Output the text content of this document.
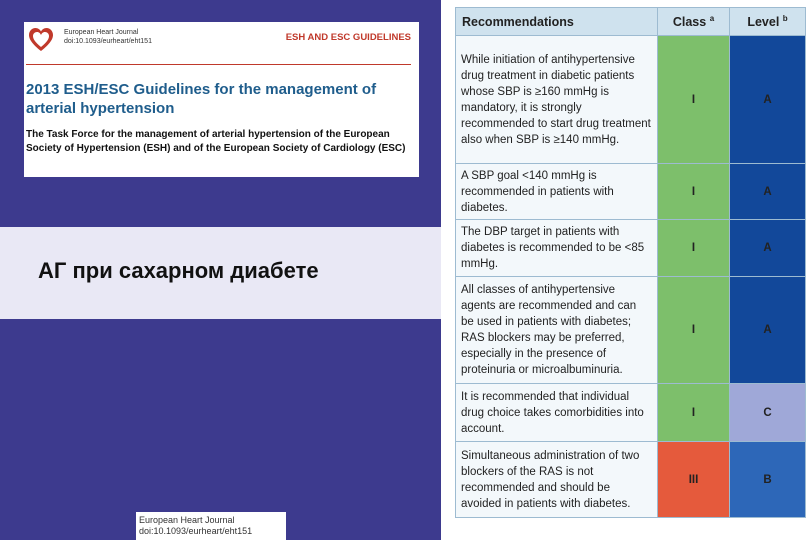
European Heart Journal
doi:10.1093/eurheart/eht151	ESH AND ESC GUIDELINES
2013 ESH/ESC Guidelines for the management of arterial hypertension
The Task Force for the management of arterial hypertension of the European Society of Hypertension (ESH) and of the European Society of Cardiology (ESC)
АГ при сахарном диабете
European Heart Journal
doi:10.1093/eurheart/eht151
Recommendations	Class $^a$	Level $^b$
While initiation of antihypertensive drug treatment in diabetic patients whose SBP is ≥160 mmHg is mandatory, it is strongly recommended to start drug treatment also when SBP is ≥140 mmHg.	I	A
A SBP goal <140 mmHg is recommended in patients with diabetes.	I	A
The DBP target in patients with diabetes is recommended to be <85 mmHg.	I	A
All classes of antihypertensive agents are recommended and can be used in patients with diabetes; RAS blockers may be preferred, especially in the presence of proteinuria or microalbuminuria.	I	A
It is recommended that individual drug choice takes comorbidities into account.	I	C
Simultaneous administration of two blockers of the RAS is not recommended and should be avoided in patients with diabetes.	III	B
